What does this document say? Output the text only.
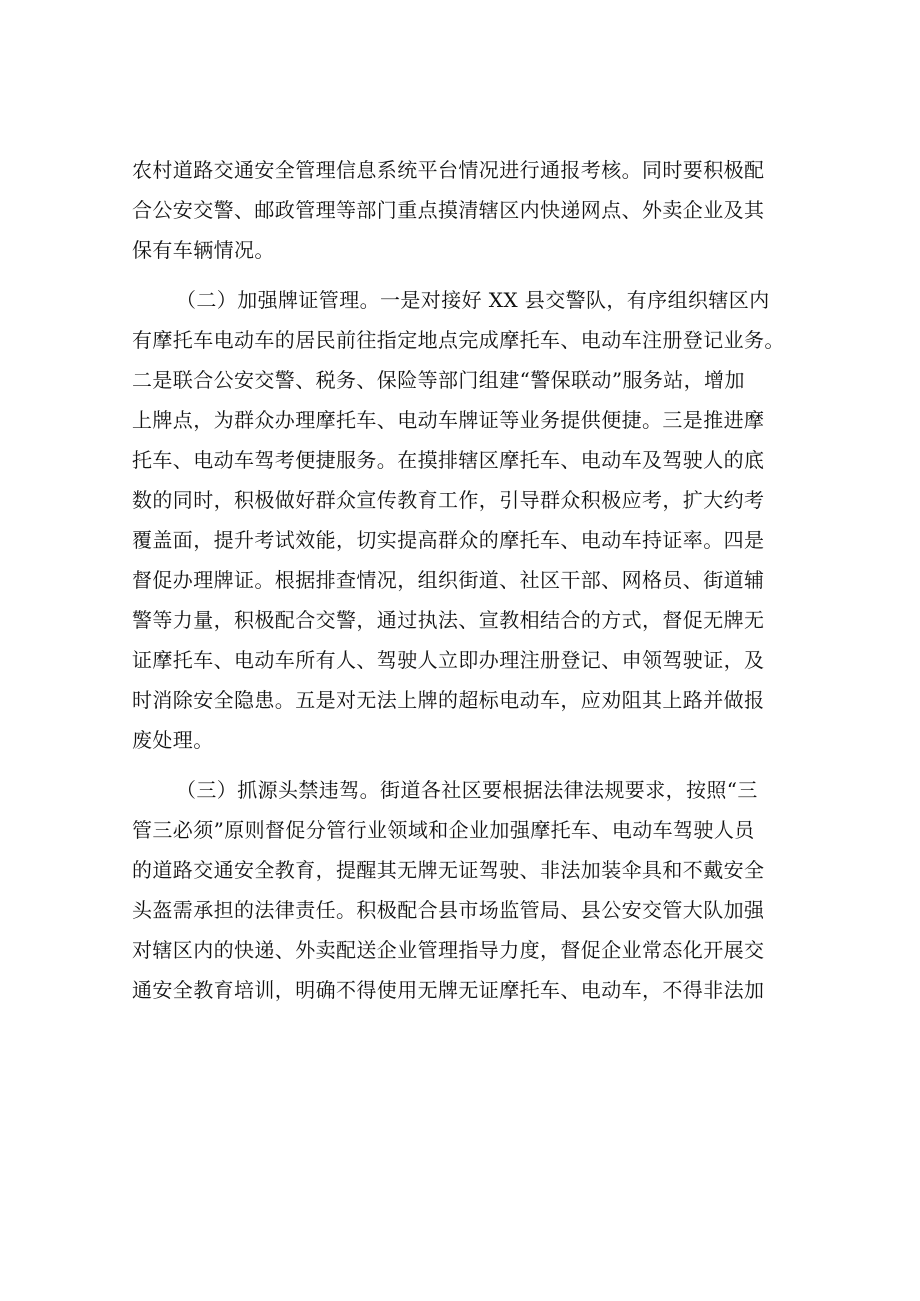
农村道路交通安全管理信息系统平台情况进行通报考核。同时要积极配
合公安交警、邮政管理等部门重点摸清辖区内快递网点、外卖企业及其
保有车辆情况。
（二）加强牌证管理。一是对接好 XX 县交警队，有序组织辖区内
有摩托车电动车的居民前往指定地点完成摩托车、电动车注册登记业务。
二是联合公安交警、税务、保险等部门组建“警保联动”服务站，增加
上牌点，为群众办理摩托车、电动车牌证等业务提供便捷。三是推进摩
托车、电动车驾考便捷服务。在摸排辖区摩托车、电动车及驾驶人的底
数的同时，积极做好群众宣传教育工作，引导群众积极应考，扩大约考
覆盖面，提升考试效能，切实提高群众的摩托车、电动车持证率。四是
督促办理牌证。根据排查情况，组织街道、社区干部、网格员、街道辅
警等力量，积极配合交警，通过执法、宣教相结合的方式，督促无牌无
证摩托车、电动车所有人、驾驶人立即办理注册登记、申领驾驶证，及
时消除安全隐患。五是对无法上牌的超标电动车，应劝阻其上路并做报
废处理。
（三）抓源头禁违驾。街道各社区要根据法律法规要求，按照“三
管三必须”原则督促分管行业领域和企业加强摩托车、电动车驾驶人员
的道路交通安全教育，提醒其无牌无证驾驶、非法加装伞具和不戴安全
头盔需承担的法律责任。积极配合县市场监管局、县公安交管大队加强
对辖区内的快递、外卖配送企业管理指导力度，督促企业常态化开展交
通安全教育培训，明确不得使用无牌无证摩托车、电动车，不得非法加
